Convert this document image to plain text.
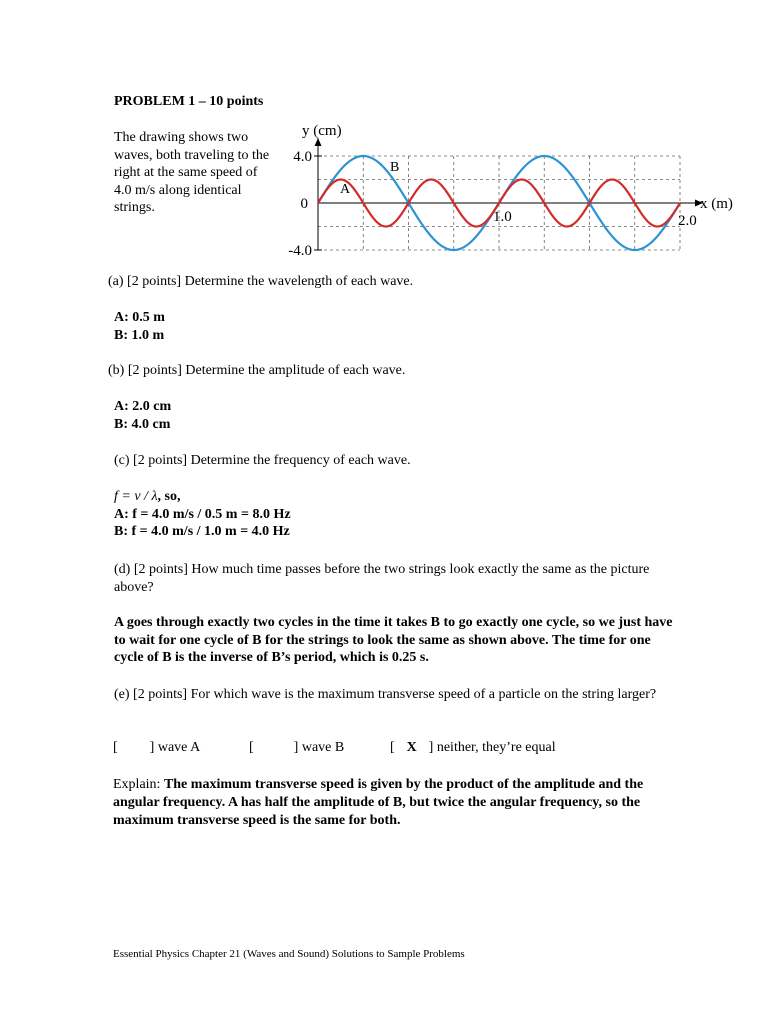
PROBLEM 1 – 10 points
The drawing shows two waves, both traveling to the right at the same speed of 4.0 m/s along identical strings.
y (cm)
x (m)
4.0
0
-4.0
1.0	2.0
A
B
(a) [2 points] Determine the wavelength of each wave.
A: 0.5 m
B: 1.0 m
(b) [2 points] Determine the amplitude of each wave.
A: 2.0 cm
B: 4.0 cm
(c) [2 points] Determine the frequency of each wave.
f = v / λ, so,
A: f = 4.0 m/s / 0.5 m = 8.0 Hz
B: f = 4.0 m/s / 1.0 m = 4.0 Hz
(d) [2 points] How much time passes before the two strings look exactly the same as the picture above?
A goes through exactly two cycles in the time it takes B to go exactly one cycle, so we just have to wait for one cycle of B for the strings to look the same as shown above. The time for one cycle of B is the inverse of B’s period, which is 0.25 s.
(e) [2 points] For which wave is the maximum transverse speed of a particle on the string larger?
[ ] wave A	[	] wave B	[ X ] neither, they’re equal
Explain: The maximum transverse speed is given by the product of the amplitude and the angular frequency. A has half the amplitude of B, but twice the angular frequency, so the maximum transverse speed is the same for both.
Essential Physics Chapter 21 (Waves and Sound) Solutions to Sample Problems
